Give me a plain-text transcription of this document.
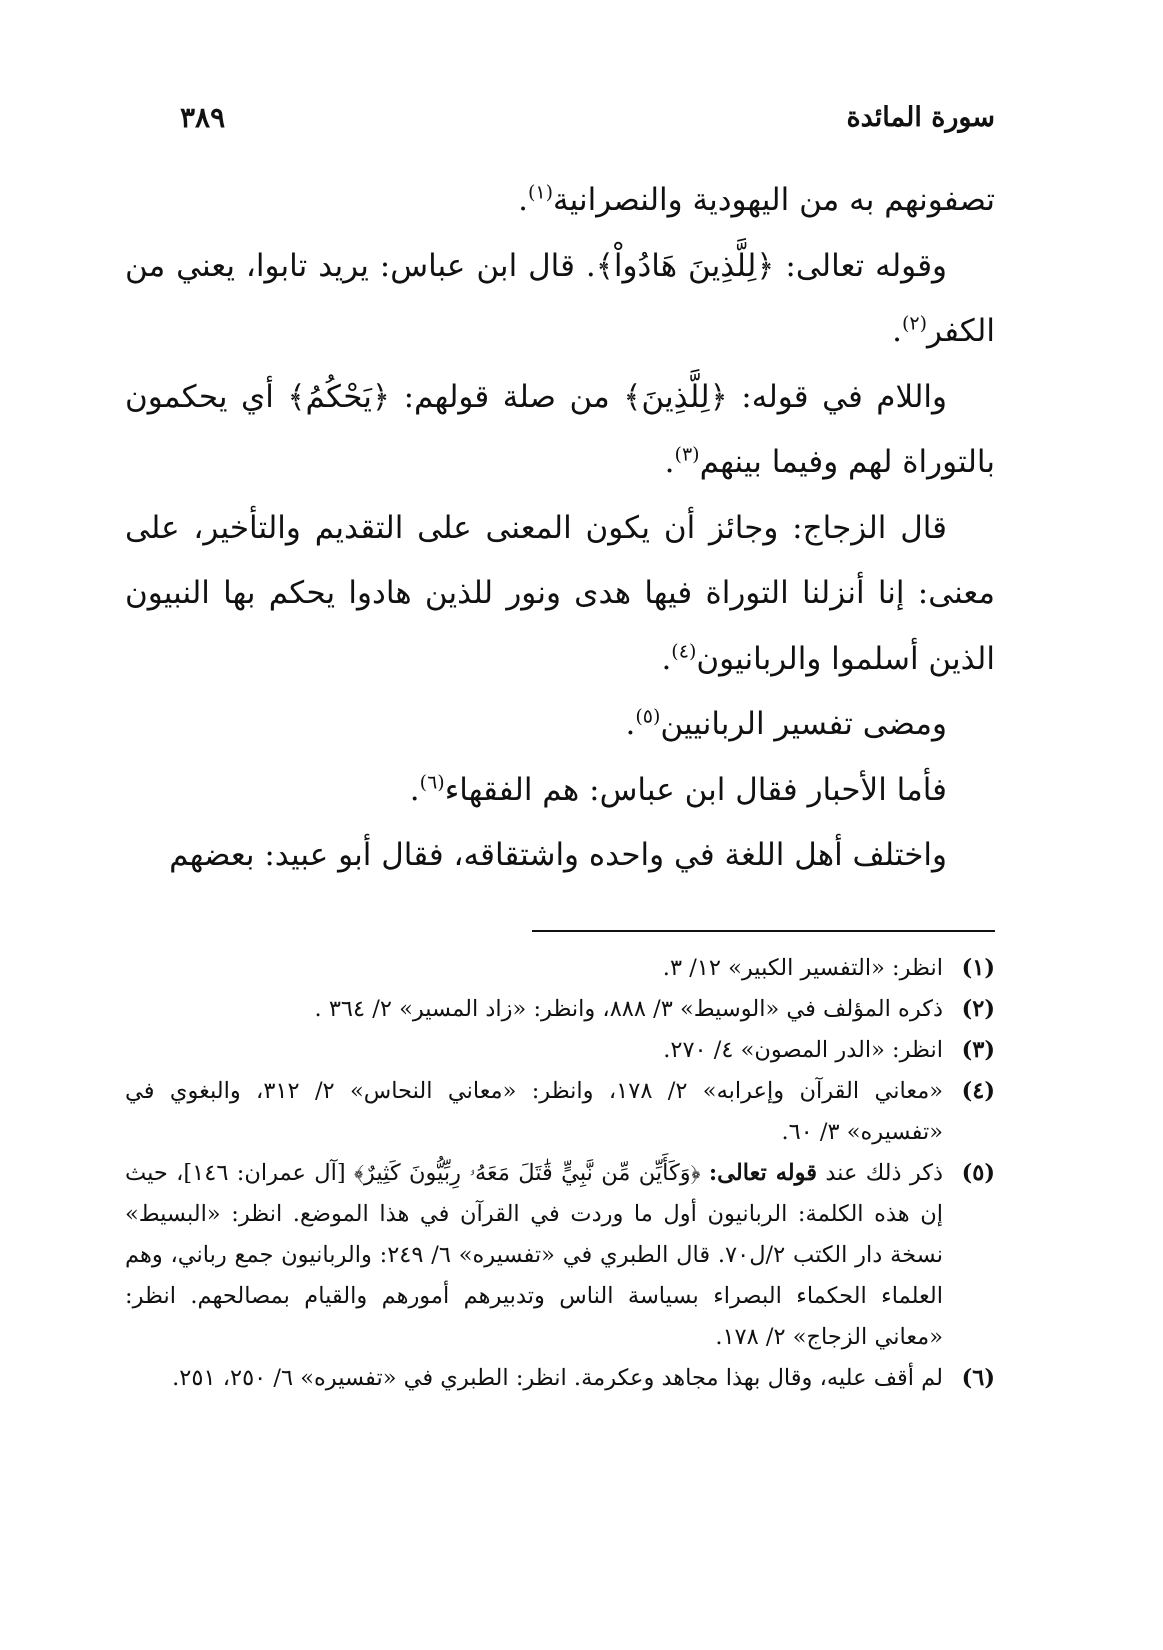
سورة المائدة
٣٨٩

تصفونهم به من اليهودية والنصرانية$^{(١)}$.

وقوله تعالى: ﴿لِلَّذِينَ هَادُواْ﴾. قال ابن عباس: يريد تابوا، يعني من الكفر$^{(٢)}$.

واللام في قوله: ﴿لِلَّذِينَ﴾ من صلة قولهم: ﴿يَحْكُمُ﴾ أي يحكمون بالتوراة لهم وفيما بينهم$^{(٣)}$.

قال الزجاج: وجائز أن يكون المعنى على التقديم والتأخير، على معنى: إنا أنزلنا التوراة فيها هدى ونور للذين هادوا يحكم بها النبيون الذين أسلموا والربانيون$^{(٤)}$.

ومضى تفسير الربانيين$^{(٥)}$.

فأما الأحبار فقال ابن عباس: هم الفقهاء$^{(٦)}$.

واختلف أهل اللغة في واحده واشتقاقه، فقال أبو عبيد: بعضهم

(١)
انظر: «التفسير الكبير» ١٢/ ٣.
(٢)
ذكره المؤلف في «الوسيط» ٣/ ٨٨٨، وانظر: «زاد المسير» ٢/ ٣٦٤ .
(٣)
انظر: «الدر المصون» ٤/ ٢٧٠.
(٤)
«معاني القرآن وإعرابه» ٢/ ١٧٨، وانظر: «معاني النحاس» ٢/ ٣١٢، والبغوي في «تفسيره» ٣/ ٦٠.
(٥)
ذكر ذلك عند قوله تعالى: ﴿وَكَأَيِّن مِّن نَّبِيٍّ قَٰتَلَ مَعَهُۥ رِبِّيُّونَ كَثِيرٌ﴾ [آل عمران: ١٤٦]، حيث إن هذه الكلمة: الربانيون أول ما وردت في القرآن في هذا الموضع. انظر: «البسيط» نسخة دار الكتب ٢/ل٧٠. قال الطبري في «تفسيره» ٦/ ٢٤٩: والربانيون جمع رباني، وهم العلماء الحكماء البصراء بسياسة الناس وتدبيرهم أمورهم والقيام بمصالحهم. انظر: «معاني الزجاج» ٢/ ١٧٨.
(٦)
لم أقف عليه، وقال بهذا مجاهد وعكرمة. انظر: الطبري في «تفسيره» ٦/ ٢٥٠، ٢٥١.
